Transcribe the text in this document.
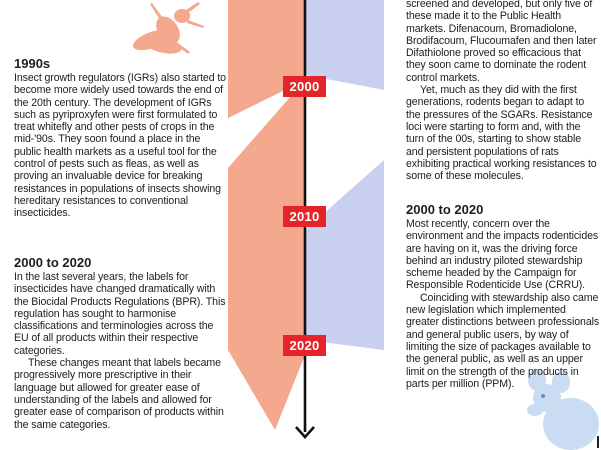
2000
2010
2020
1990s

Insect growth regulators (IGRs) also started to become more widely used towards the end of the 20th century. The development of IGRs such as pyriproxyfen were first formulated to treat whitefly and other pests of crops in the mid-'90s. They soon found a place in the public health markets as a useful tool for the control of pests such as fleas, as well as proving an invaluable device for breaking resistances in populations of insects showing hereditary resistances to conventional insecticides.

2000 to 2020

In the last several years, the labels for insecticides have changed dramatically with the Biocidal Products Regulations (BPR). This regulation has sought to harmonise classifications and terminologies across the EU of all products within their respective categories.

These changes meant that labels became progressively more prescriptive in their language but allowed for greater ease of understanding of the labels and allowed for greater ease of comparison of products within the same categories.

screened and developed, but only five of these made it to the Public Health markets. Difenacoum, Bromadiolone, Brodifacoum, Flucoumafen and then later Difathiolone proved so efficacious that they soon came to dominate the rodent control markets.

Yet, much as they did with the first generations, rodents began to adapt to the pressures of the SGARs. Resistance loci were starting to form and, with the turn of the 00s, starting to show stable and persistent populations of rats exhibiting practical working resistances to some of these molecules.

2000 to 2020

Most recently, concern over the environment and the impacts rodenticides are having on it, was the driving force behind an industry piloted stewardship scheme headed by the Campaign for Responsible Rodenticide Use (CRRU).

Coinciding with stewardship also came new legislation which implemented greater distinctions between professionals and general public users, by way of limiting the size of packages available to the general public, as well as an upper limit on the strength of the products in parts per million (PPM).
